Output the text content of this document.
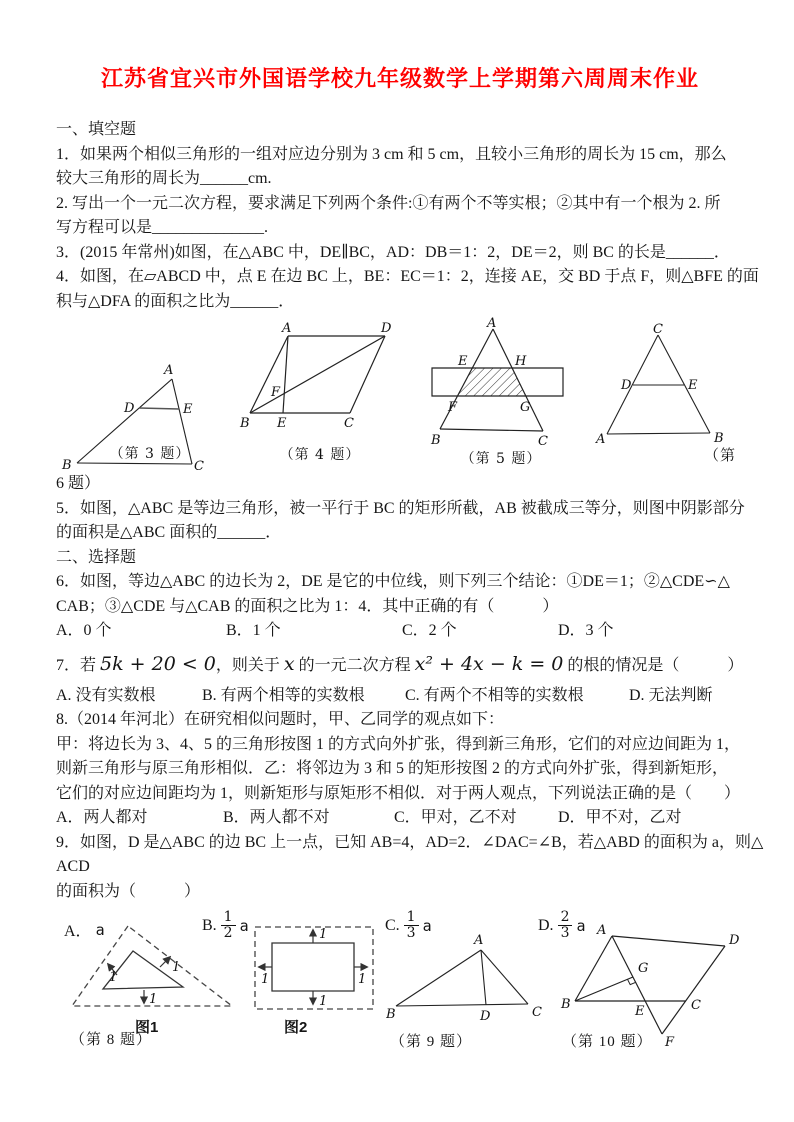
江苏省宜兴市外国语学校九年级数学上学期第六周周末作业
一、填空题
1．如果两个相似三角形的一组对应边分别为 3 cm 和 5 cm，且较小三角形的周长为 15 cm，那么
较大三角形的周长为______cm.
2. 写出一个一元二次方程，要求满足下列两个条件:①有两个不等实根；②其中有一个根为 2. 所
写方程可以是______________.
3．(2015 年常州)如图，在△ABC 中，DE∥BC，AD：DB＝1：2，DE＝2，则 BC 的长是______．
4．如图，在▱ABCD 中，点 E 在边 BC 上，BE：EC＝1：2，连接 AE，交 BD 于点 F，则△BFE 的面
积与△DFA 的面积之比为______．
A
B	C
D	E
（第 3 题）
A	D
B E	C
F
（第 4 题）
A
E	H
F	G
B	C
（第 5 题）
C
A	B
D	E
（第
6 题）
5．如图，△ABC 是等边三角形，被一平行于 BC 的矩形所截，AB 被截成三等分，则图中阴影部分
的面积是△ABC 面积的______．
二、选择题
6．如图，等边△ABC 的边长为 2，DE 是它的中位线，则下列三个结论：①DE＝1；②△CDE∽△
CAB；③△CDE 与△CAB 的面积之比为 1：4．其中正确的有（　　　）
A．0 个	B．1 个	C．2 个	D．3 个
7．若 5k + 20 < 0，则关于 x 的一元二次方程 x² + 4x − k = 0 的根的情况是（　　　）
A. 没有实数根	B. 有两个相等的实数根	C. 有两个不相等的实数根	D. 无法判断
8.（2014 年河北）在研究相似问题时，甲、乙同学的观点如下：
甲：将边长为 3、4、5 的三角形按图 1 的方式向外扩张，得到新三角形，它们的对应边间距为 1，
则新三角形与原三角形相似．乙：将邻边为 3 和 5 的矩形按图 2 的方式向外扩张，得到新矩形，
它们的对应边间距均为 1，则新矩形与原矩形不相似．对于两人观点，下列说法正确的是（　　）
A．两人都对	B．两人都不对	C．甲对，乙不对	D．甲不对，乙对
9．如图，D 是△ABC 的边 BC 上一点，已知 AB=4，AD=2．∠DAC=∠B，若△ABD 的面积为 a，则△
ACD
的面积为（　　　）
A． a	B. $\frac{1}{2}$ a	C. $\frac{1}{3}$ a	D. $\frac{2}{3}$ a
1
1
1
图1
（第 8 题）
1
1
1	1
图2
A
B	C
D
（第 9 题）
A
D
B	C
E
F
G
（第 10 题）
